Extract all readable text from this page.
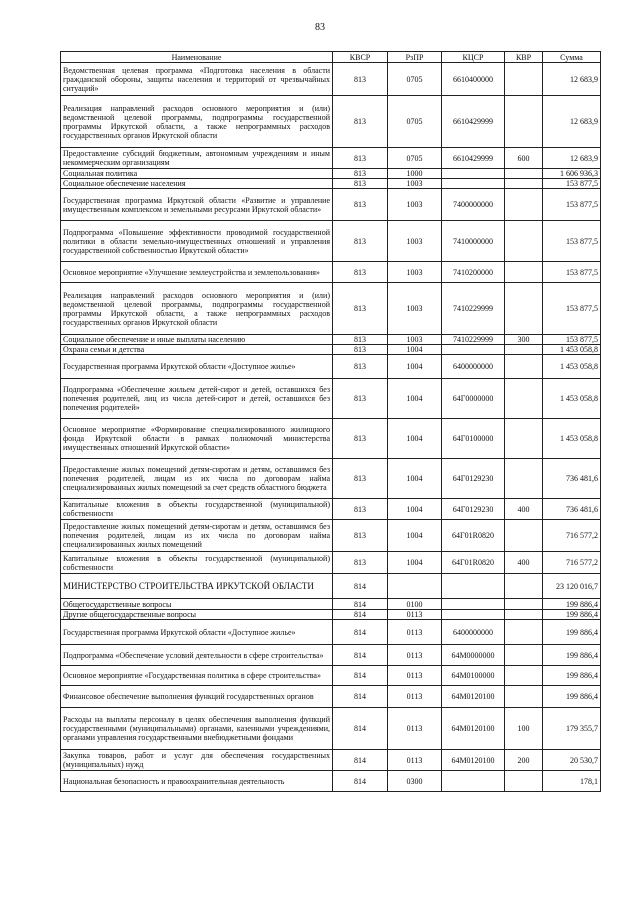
83
Наименование	КВСР	РзПР	КЦСР	КВР	Сумма
Ведомственная целевая программа «Подготовка населения в области гражданской обороны, защиты населения и территорий от чрезвычайных ситуаций»	813	0705	6610400000		12 683,9
Реализация направлений расходов основного мероприятия и (или) ведомственной целевой программы, подпрограммы государственной программы Иркутской области, а также непрограммных расходов государственных органов Иркутской области	813	0705	6610429999		12 683,9
Предоставление субсидий бюджетным, автономным учреждениям и иным некоммерческим организациям	813	0705	6610429999	600	12 683,9
Социальная политика	813	1000			1 606 936,3
Социальное обеспечение населения	813	1003			153 877,5
Государственная программа Иркутской области «Развитие и управление имущественным комплексом и земельными ресурсами Иркутской области»	813	1003	7400000000		153 877,5
Подпрограмма «Повышение эффективности проводимой государственной политики в области земельно-имущественных отношений и управления государственной собственностью Иркутской области»	813	1003	7410000000		153 877,5
Основное мероприятие «Улучшение землеустройства и землепользования»	813	1003	7410200000		153 877,5
Реализация направлений расходов основного мероприятия и (или) ведомственной целевой программы, подпрограммы государственной программы Иркутской области, а также непрограммных расходов государственных органов Иркутской области	813	1003	7410229999		153 877,5
Социальное обеспечение и иные выплаты населению	813	1003	7410229999	300	153 877,5
Охрана семьи и детства	813	1004			1 453 058,8
Государственная программа Иркутской области «Доступное жилье»	813	1004	6400000000		1 453 058,8
Подпрограмма «Обеспечение жильем детей-сирот и детей, оставшихся без попечения родителей, лиц из числа детей-сирот и детей, оставшихся без попечения родителей»	813	1004	64Г0000000		1 453 058,8
Основное мероприятие «Формирование специализированного жилищного фонда Иркутской области в рамках полномочий министерства имущественных отношений Иркутской области»	813	1004	64Г0100000		1 453 058,8
Предоставление жилых помещений детям-сиротам и детям, оставшимся без попечения родителей, лицам из их числа по договорам найма специализированных жилых помещений за счет средств областного бюджета	813	1004	64Г0129230		736 481,6
Капитальные вложения в объекты государственной (муниципальной) собственности	813	1004	64Г0129230	400	736 481,6
Предоставление жилых помещений детям-сиротам и детям, оставшимся без попечения родителей, лицам из их числа по договорам найма специализированных жилых помещений	813	1004	64Г01R0820		716 577,2
Капитальные вложения в объекты государственной (муниципальной) собственности	813	1004	64Г01R0820	400	716 577,2
МИНИСТЕРСТВО СТРОИТЕЛЬСТВА ИРКУТСКОЙ ОБЛАСТИ	814				23 120 016,7
Общегосударственные вопросы	814	0100			199 886,4
Другие общегосударственные вопросы	814	0113			199 886,4
Государственная программа Иркутской области «Доступное жилье»	814	0113	6400000000		199 886,4
Подпрограмма «Обеспечение условий деятельности в сфере строительства»	814	0113	64М0000000		199 886,4
Основное мероприятие «Государственная политика в сфере строительства»	814	0113	64М0100000		199 886,4
Финансовое обеспечение выполнения функций государственных органов	814	0113	64М0120100		199 886,4
Расходы на выплаты персоналу в целях обеспечения выполнения функций государственными (муниципальными) органами, казенными учреждениями, органами управления государственными внебюджетными фондами	814	0113	64М0120100	100	179 355,7
Закупка товаров, работ и услуг для обеспечения государственных (муниципальных) нужд	814	0113	64М0120100	200	20 530,7
Национальная безопасность и правоохранительная деятельность	814	0300			178,1
